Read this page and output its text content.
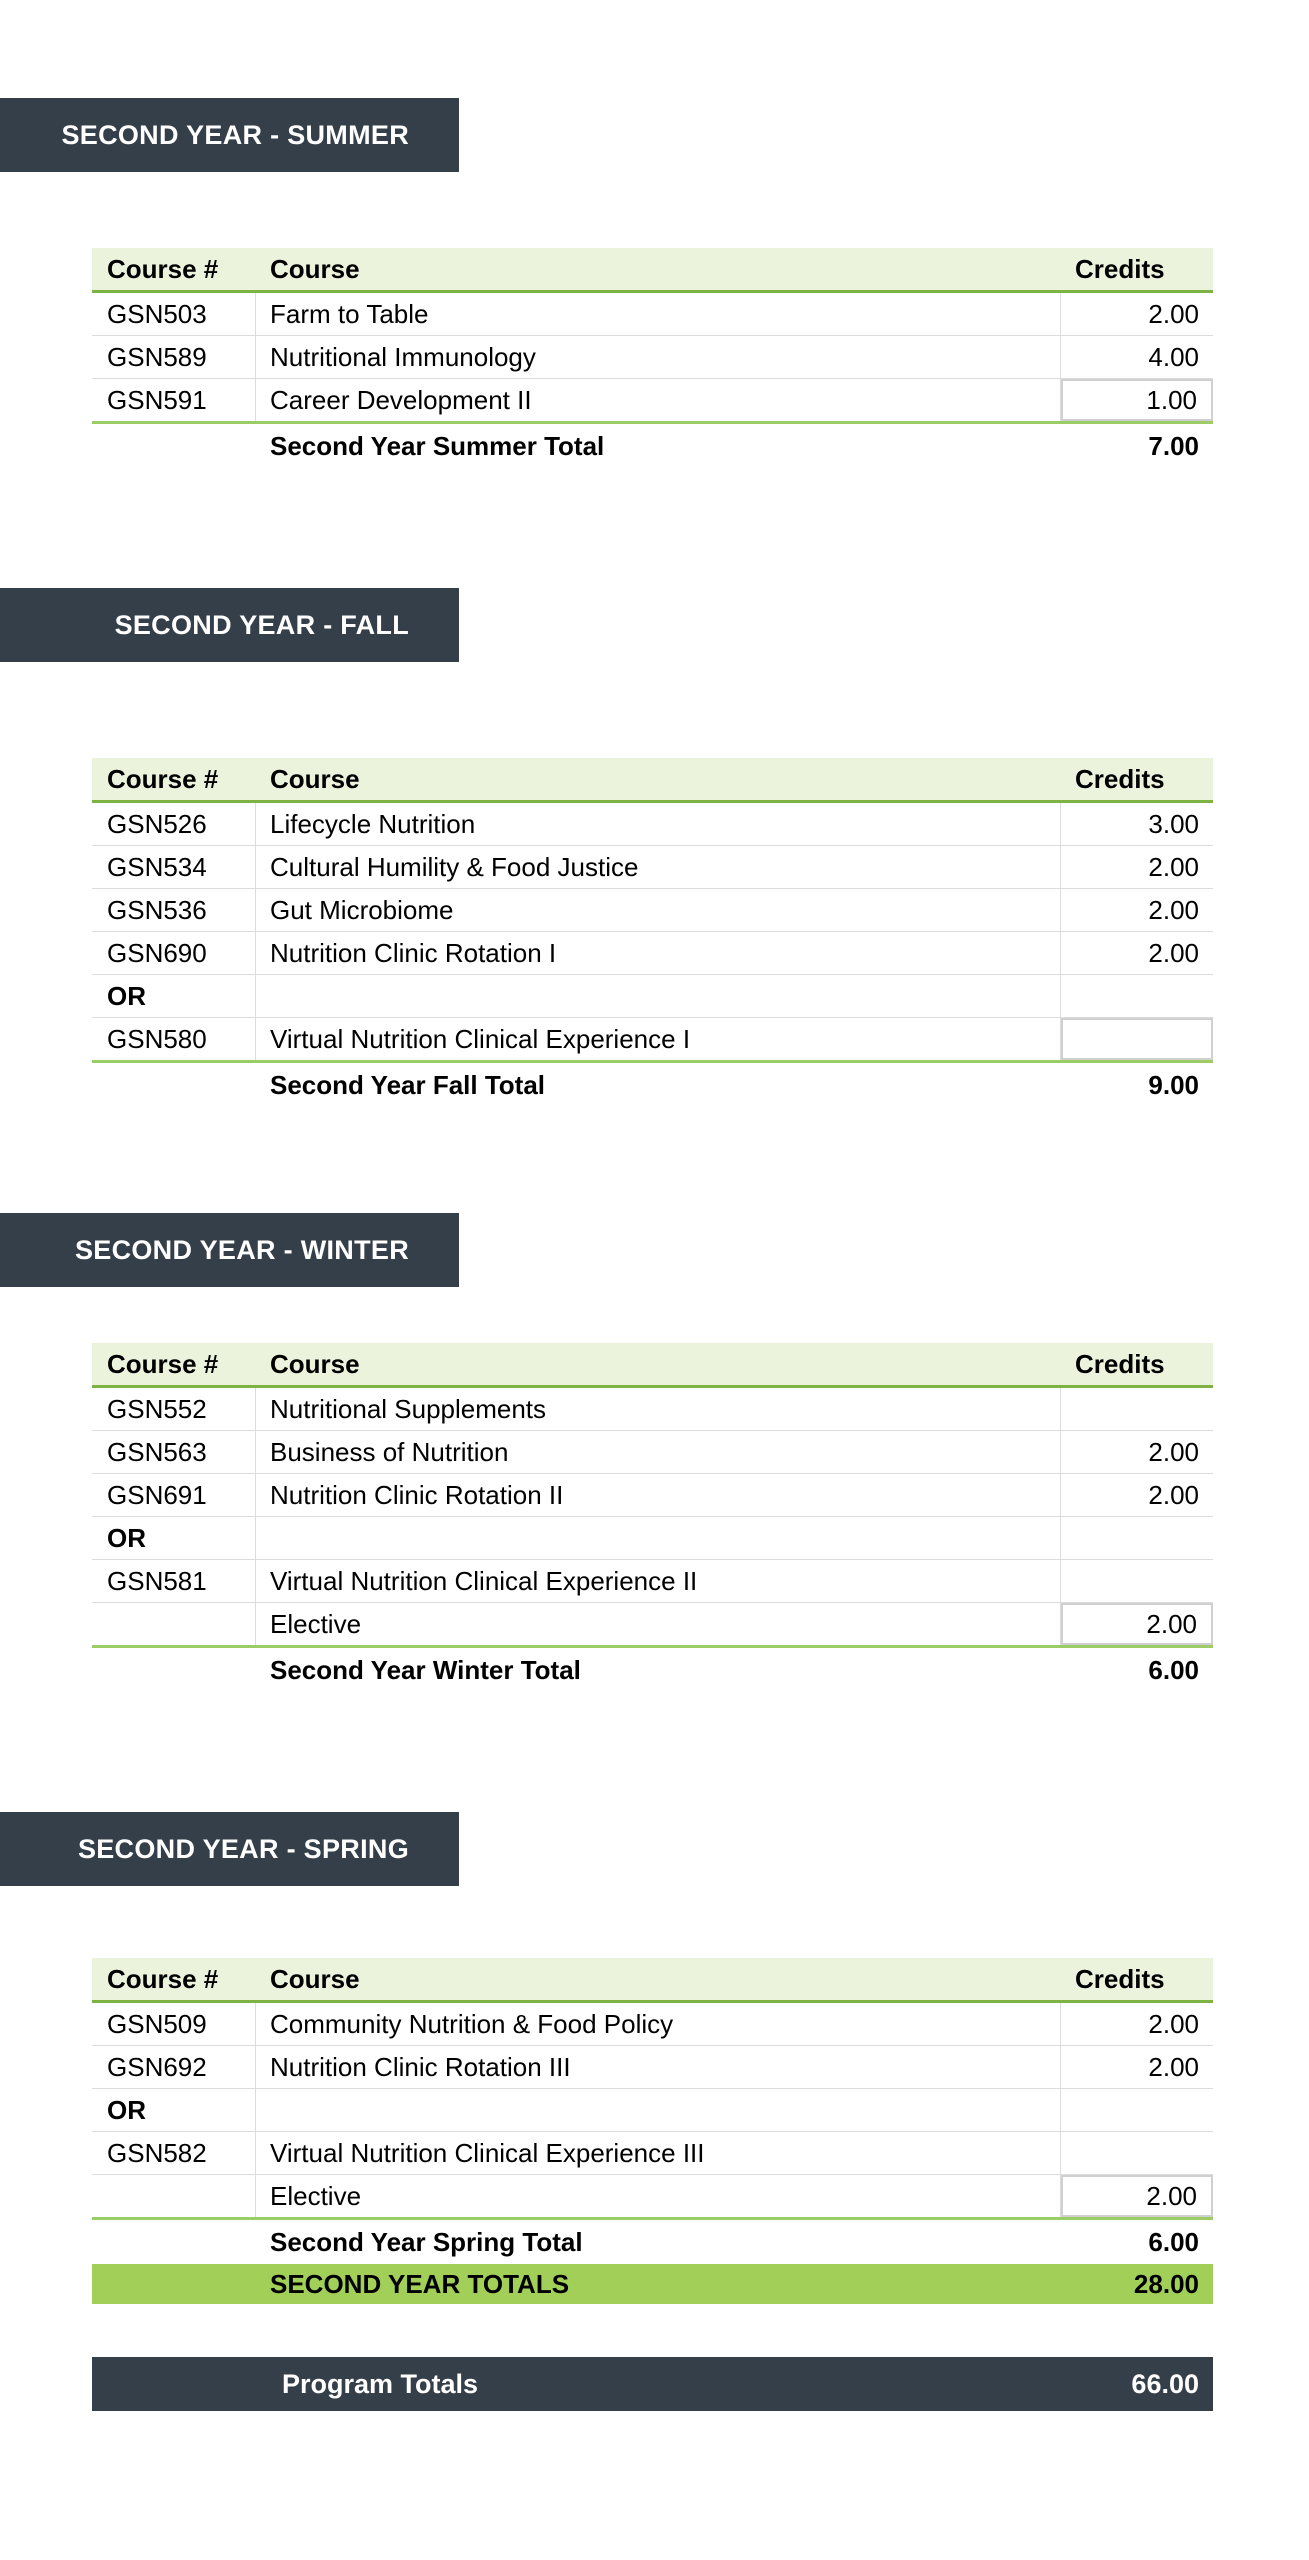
SECOND YEAR - SUMMER
Course #	Course	Credits
GSN503	Farm to Table	2.00
GSN589	Nutritional Immunology	4.00
GSN591	Career Development II	1.00
Second Year Summer Total	7.00
SECOND YEAR - FALL
Course #	Course	Credits
GSN526	Lifecycle Nutrition	3.00
GSN534	Cultural Humility & Food Justice	2.00
GSN536	Gut Microbiome	2.00
GSN690	Nutrition Clinic Rotation I	2.00
OR
GSN580	Virtual Nutrition Clinical Experience I
Second Year Fall Total	9.00
SECOND YEAR - WINTER
Course #	Course	Credits
GSN552	Nutritional Supplements
GSN563	Business of Nutrition	2.00
GSN691	Nutrition Clinic Rotation II	2.00
OR
GSN581	Virtual Nutrition Clinical Experience II
Elective	2.00
Second Year Winter Total	6.00
SECOND YEAR - SPRING
Course #	Course	Credits
GSN509	Community Nutrition & Food Policy	2.00
GSN692	Nutrition Clinic Rotation III	2.00
OR
GSN582	Virtual Nutrition Clinical Experience III
Elective	2.00
Second Year Spring Total	6.00
SECOND YEAR TOTALS	28.00
Program Totals	66.00
